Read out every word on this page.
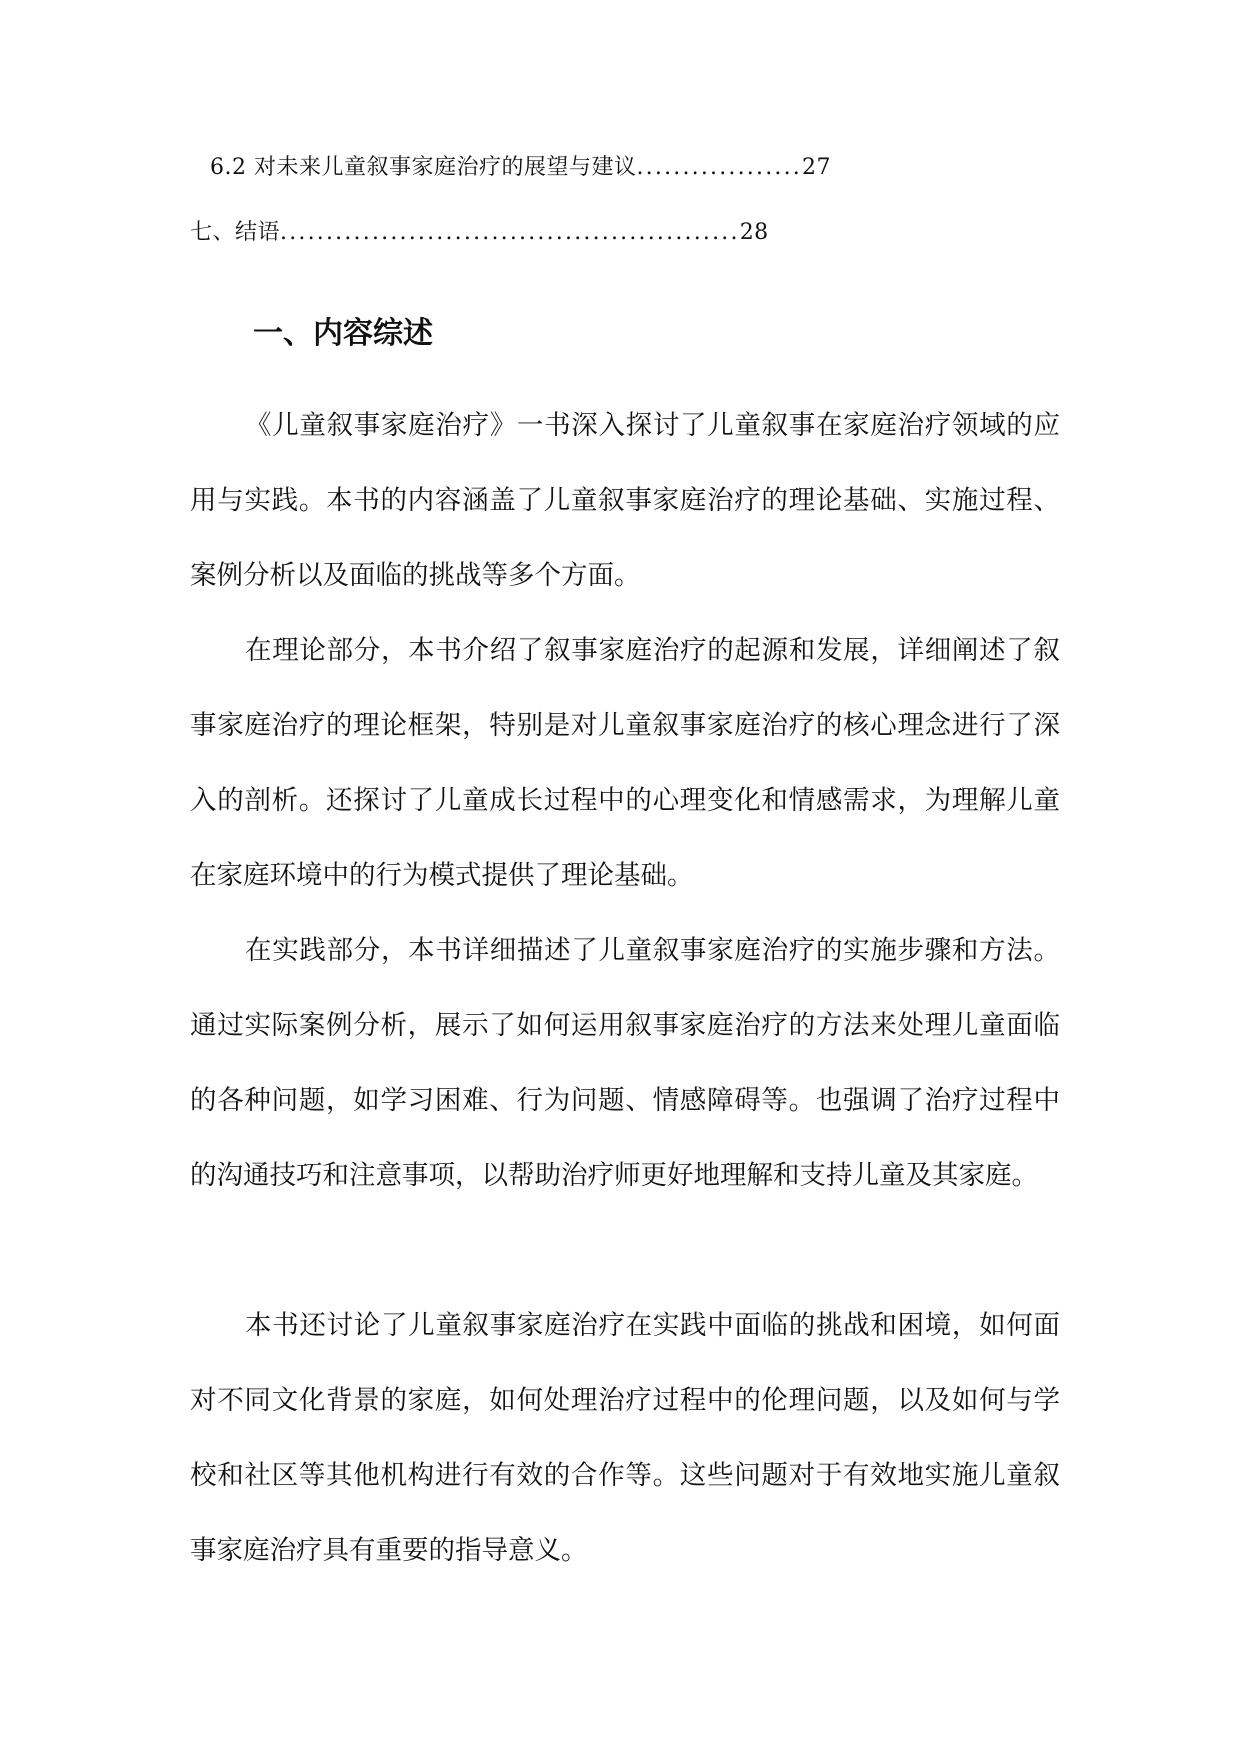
6.2 对未来儿童叙事家庭治疗的展望与建议..................27
七、结语..................................................28
一、内容综述

《儿童叙事家庭治疗》一书深入探讨了儿童叙事在家庭治疗领域的应用与实践。本书的内容涵盖了儿童叙事家庭治疗的理论基础、实施过程、案例分析以及面临的挑战等多个方面。

在理论部分，本书介绍了叙事家庭治疗的起源和发展，详细阐述了叙事家庭治疗的理论框架，特别是对儿童叙事家庭治疗的核心理念进行了深入的剖析。还探讨了儿童成长过程中的心理变化和情感需求，为理解儿童在家庭环境中的行为模式提供了理论基础。

在实践部分，本书详细描述了儿童叙事家庭治疗的实施步骤和方法。通过实际案例分析，展示了如何运用叙事家庭治疗的方法来处理儿童面临的各种问题，如学习困难、行为问题、情感障碍等。也强调了治疗过程中的沟通技巧和注意事项，以帮助治疗师更好地理解和支持儿童及其家庭。

本书还讨论了儿童叙事家庭治疗在实践中面临的挑战和困境，如何面对不同文化背景的家庭，如何处理治疗过程中的伦理问题，以及如何与学校和社区等其他机构进行有效的合作等。这些问题对于有效地实施儿童叙事家庭治疗具有重要的指导意义。
